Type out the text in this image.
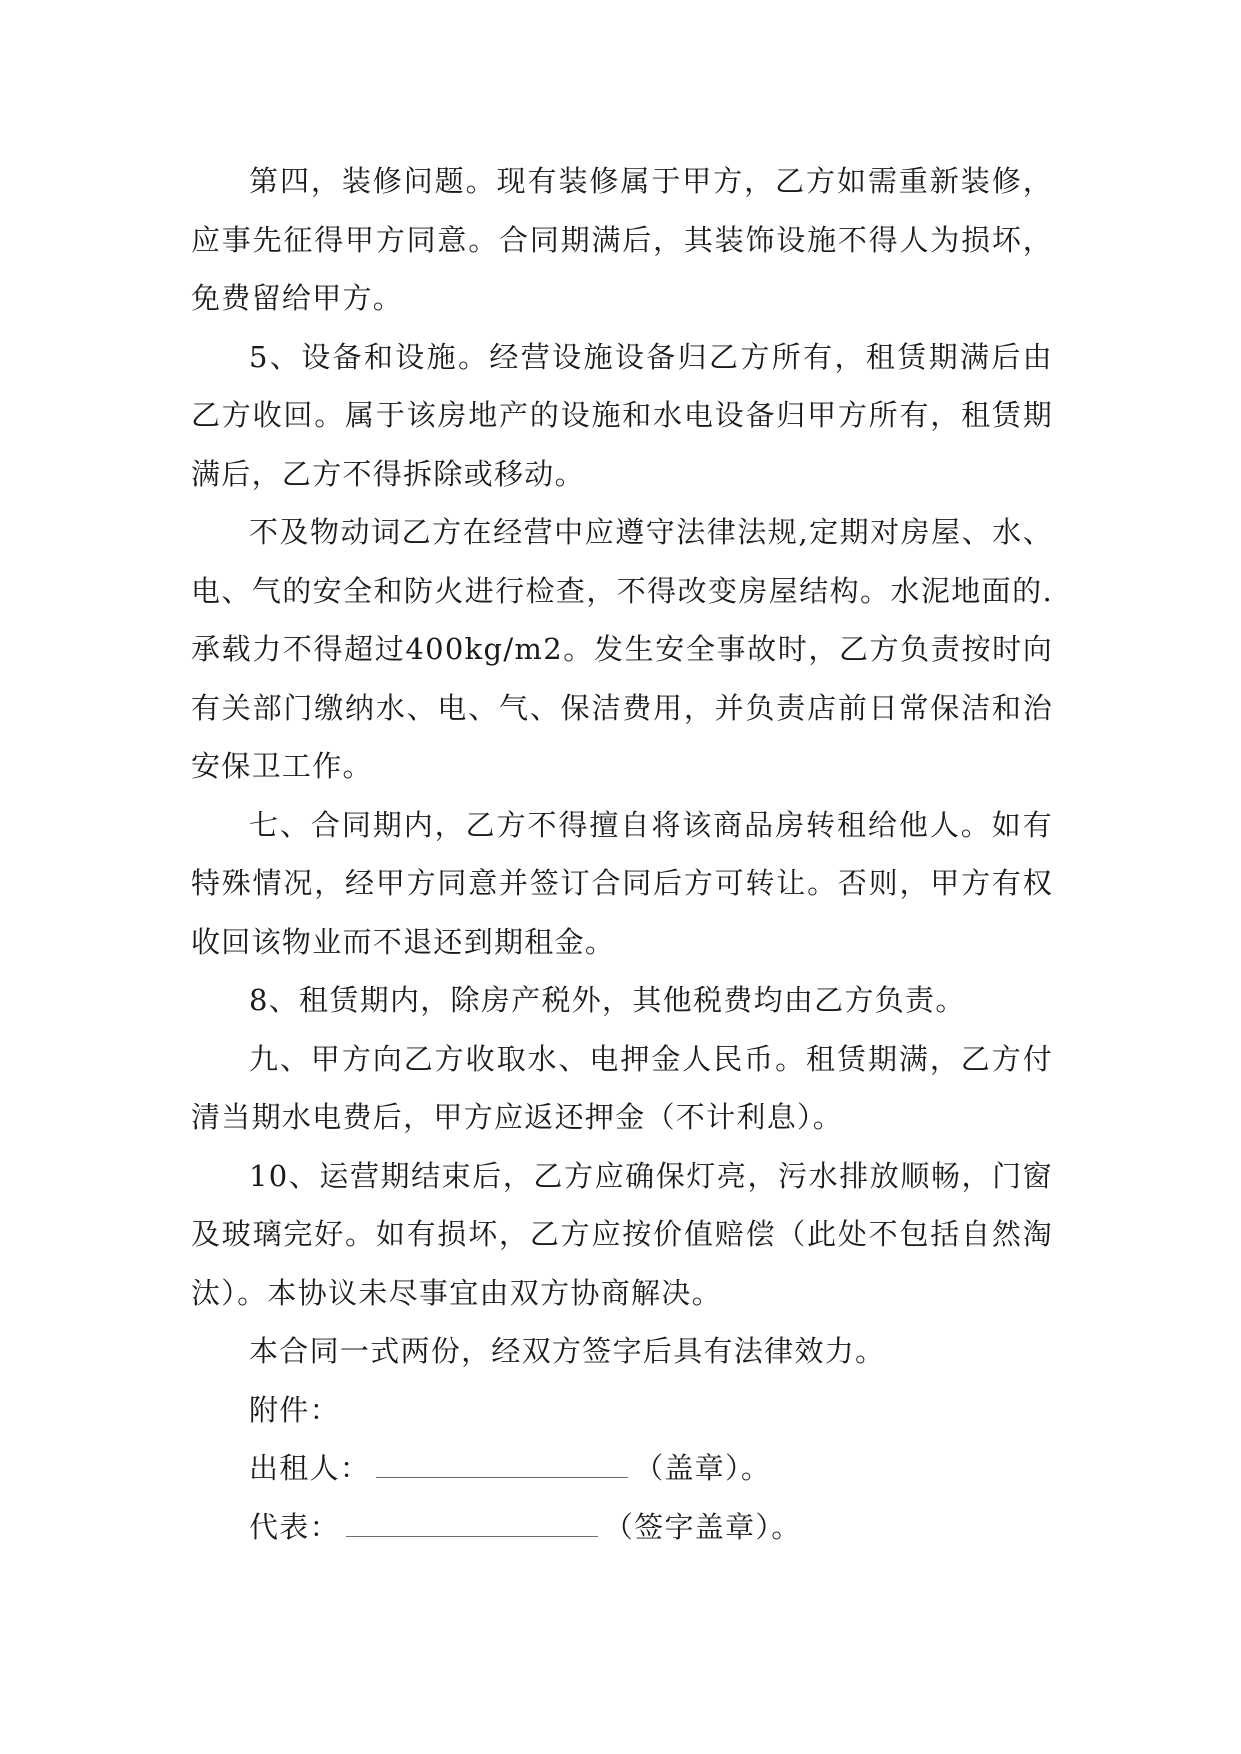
第四，装修问题。现有装修属于甲方，乙方如需重新装修，应事先征得甲方同意。合同期满后，其装饰设施不得人为损坏，免费留给甲方。

5、设备和设施。经营设施设备归乙方所有，租赁期满后由乙方收回。属于该房地产的设施和水电设备归甲方所有，租赁期满后，乙方不得拆除或移动。

不及物动词乙方在经营中应遵守法律法规,定期对房屋、水、电、气的安全和防火进行检查，不得改变房屋结构。水泥地面的.承载力不得超过400kg/m2。发生安全事故时，乙方负责按时向有关部门缴纳水、电、气、保洁费用，并负责店前日常保洁和治安保卫工作。

七、合同期内，乙方不得擅自将该商品房转租给他人。如有特殊情况，经甲方同意并签订合同后方可转让。否则，甲方有权收回该物业而不退还到期租金。

8、租赁期内，除房产税外，其他税费均由乙方负责。

九、甲方向乙方收取水、电押金人民币。租赁期满，乙方付清当期水电费后，甲方应返还押金（不计利息）。

10、运营期结束后，乙方应确保灯亮，污水排放顺畅，门窗及玻璃完好。如有损坏，乙方应按价值赔偿（此处不包括自然淘汰）。本协议未尽事宜由双方协商解决。

本合同一式两份，经双方签字后具有法律效力。

附件：

出租人：	（盖章）。

代表：	（签字盖章）。
